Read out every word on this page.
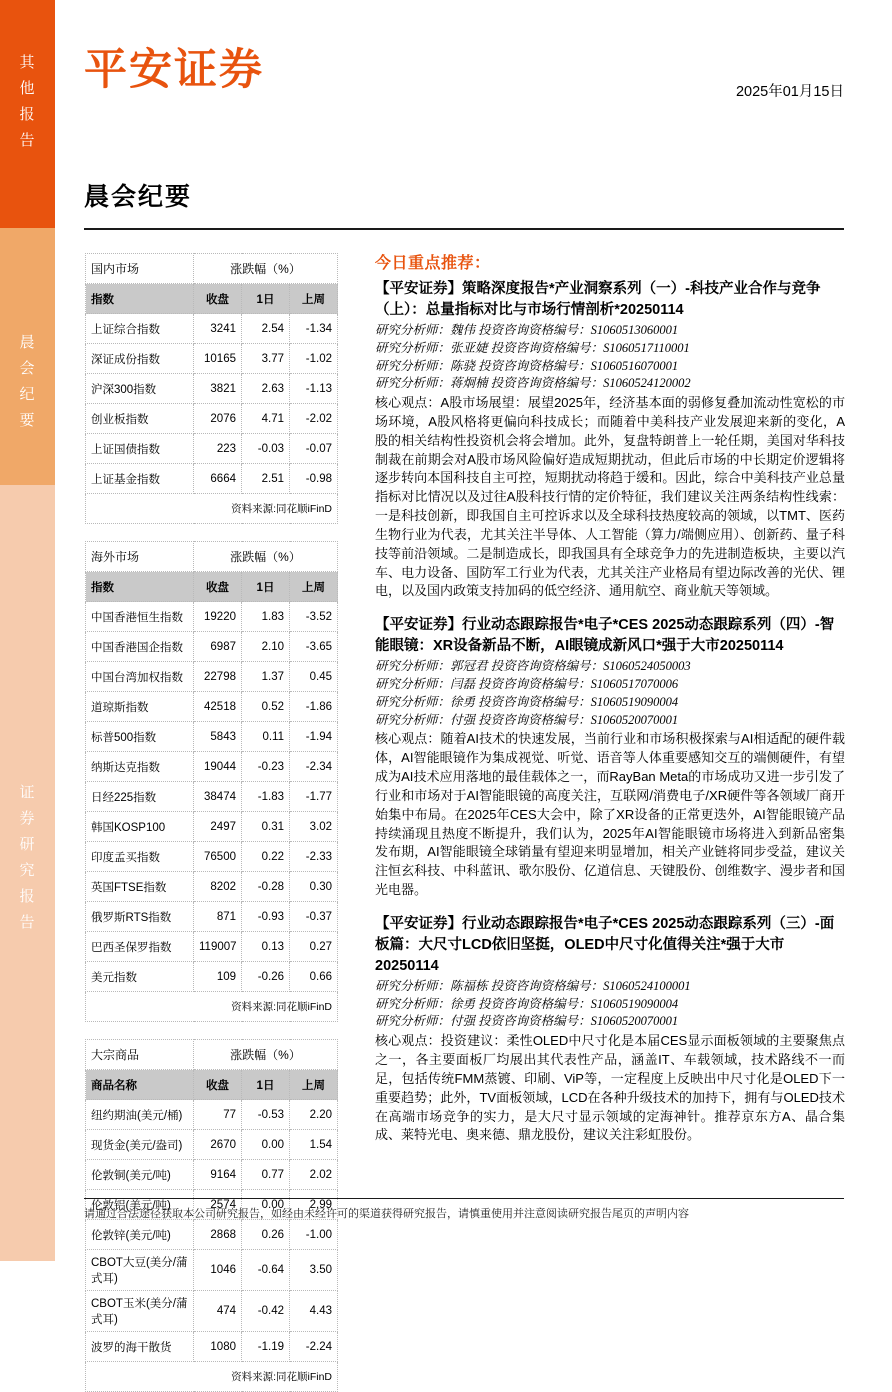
其
他
报
告
晨
会
纪
要
证
券
研
究
报
告
平安证券	2025年01月15日
晨会纪要
国内市场	涨跌幅（%）		
指数	收盘	1日	上周
上证综合指数	3241	2.54	-1.34
深证成份指数	10165	3.77	-1.02
沪深300指数	3821	2.63	-1.13
创业板指数	2076	4.71	-2.02
上证国债指数	223	-0.03	-0.07
上证基金指数	6664	2.51	-0.98
资料来源:同花顺iFinD			
海外市场	涨跌幅（%）		
指数	收盘	1日	上周
中国香港恒生指数	19220	1.83	-3.52
中国香港国企指数	6987	2.10	-3.65
中国台湾加权指数	22798	1.37	0.45
道琼斯指数	42518	0.52	-1.86
标普500指数	5843	0.11	-1.94
纳斯达克指数	19044	-0.23	-2.34
日经225指数	38474	-1.83	-1.77
韩国KOSP100	2497	0.31	3.02
印度孟买指数	76500	0.22	-2.33
英国FTSE指数	8202	-0.28	0.30
俄罗斯RTS指数	871	-0.93	-0.37
巴西圣保罗指数	119007	0.13	0.27
美元指数	109	-0.26	0.66
资料来源:同花顺iFinD			
大宗商品	涨跌幅（%）		
商品名称	收盘	1日	上周
纽约期油(美元/桶)	77	-0.53	2.20
现货金(美元/盎司)	2670	0.00	1.54
伦敦铜(美元/吨)	9164	0.77	2.02
伦敦铝(美元/吨)	2574	0.00	2.99
伦敦锌(美元/吨)	2868	0.26	-1.00
CBOT大豆(美分/蒲式耳)	1046	-0.64	3.50
CBOT玉米(美分/蒲式耳)	474	-0.42	4.43
波罗的海干散货	1080	-1.19	-2.24
资料来源:同花顺iFinD			
今日重点推荐：
【平安证券】策略深度报告*产业洞察系列（一）-科技产业合作与竞争（上）：总量指标对比与市场行情剖析*20250114
研究分析师：魏伟 投资咨询资格编号：S1060513060001
研究分析师：张亚婕 投资咨询资格编号：S1060517110001
研究分析师：陈骁 投资咨询资格编号：S1060516070001
研究分析师：蒋炯楠 投资咨询资格编号：S1060524120002
核心观点：A股市场展望：展望2025年，经济基本面的弱修复叠加流动性宽松的市场环境，A股风格将更偏向科技成长；而随着中美科技产业发展迎来新的变化，A股的相关结构性投资机会将会增加。此外，复盘特朗普上一轮任期，美国对华科技制裁在前期会对A股市场风险偏好造成短期扰动，但此后市场的中长期定价逻辑将逐步转向本国科技自主可控，短期扰动将趋于缓和。因此，综合中美科技产业总量指标对比情况以及过往A股科技行情的定价特征，我们建议关注两条结构性线索：一是科技创新，即我国自主可控诉求以及全球科技热度较高的领域，以TMT、医药生物行业为代表，尤其关注半导体、人工智能（算力/端侧应用）、创新药、量子科技等前沿领域。二是制造成长，即我国具有全球竞争力的先进制造板块，主要以汽车、电力设备、国防军工行业为代表，尤其关注产业格局有望边际改善的光伏、锂电，以及国内政策支持加码的低空经济、通用航空、商业航天等领域。
【平安证券】行业动态跟踪报告*电子*CES 2025动态跟踪系列（四）-智能眼镜：XR设备新品不断，AI眼镜成新风口*强于大市20250114
研究分析师：郭冠君 投资咨询资格编号：S1060524050003
研究分析师：闫磊 投资咨询资格编号：S1060517070006
研究分析师：徐勇 投资咨询资格编号：S1060519090004
研究分析师：付强 投资咨询资格编号：S1060520070001
核心观点：随着AI技术的快速发展，当前行业和市场积极探索与AI相适配的硬件载体，AI智能眼镜作为集成视觉、听觉、语音等人体重要感知交互的端侧硬件，有望成为AI技术应用落地的最佳载体之一，而RayBan Meta的市场成功又进一步引发了行业和市场对于AI智能眼镜的高度关注，互联网/消费电子/XR硬件等各领域厂商开始集中布局。在2025年CES大会中，除了XR设备的正常更迭外，AI智能眼镜产品持续涌现且热度不断提升，我们认为，2025年AI智能眼镜市场将进入到新品密集发布期，AI智能眼镜全球销量有望迎来明显增加，相关产业链将同步受益，建议关注恒玄科技、中科蓝讯、歌尔股份、亿道信息、天键股份、创维数字、漫步者和国光电器。
【平安证券】行业动态跟踪报告*电子*CES 2025动态跟踪系列（三）-面板篇：大尺寸LCD依旧坚挺，OLED中尺寸化值得关注*强于大市20250114
研究分析师：陈福栋 投资咨询资格编号：S1060524100001
研究分析师：徐勇 投资咨询资格编号：S1060519090004
研究分析师：付强 投资咨询资格编号：S1060520070001
核心观点：投资建议：柔性OLED中尺寸化是本届CES显示面板领域的主要聚焦点之一，各主要面板厂均展出其代表性产品，涵盖IT、车载领域，技术路线不一而足，包括传统FMM蒸镀、印刷、ViP等，一定程度上反映出中尺寸化是OLED下一重要趋势；此外，TV面板领域，LCD在各种升级技术的加持下，拥有与OLED技术在高端市场竞争的实力，是大尺寸显示领域的定海神针。推荐京东方A、晶合集成、莱特光电、奥来德、鼎龙股份，建议关注彩虹股份。
请通过合法途径获取本公司研究报告，如经由未经许可的渠道获得研究报告，请慎重使用并注意阅读研究报告尾页的声明内容
